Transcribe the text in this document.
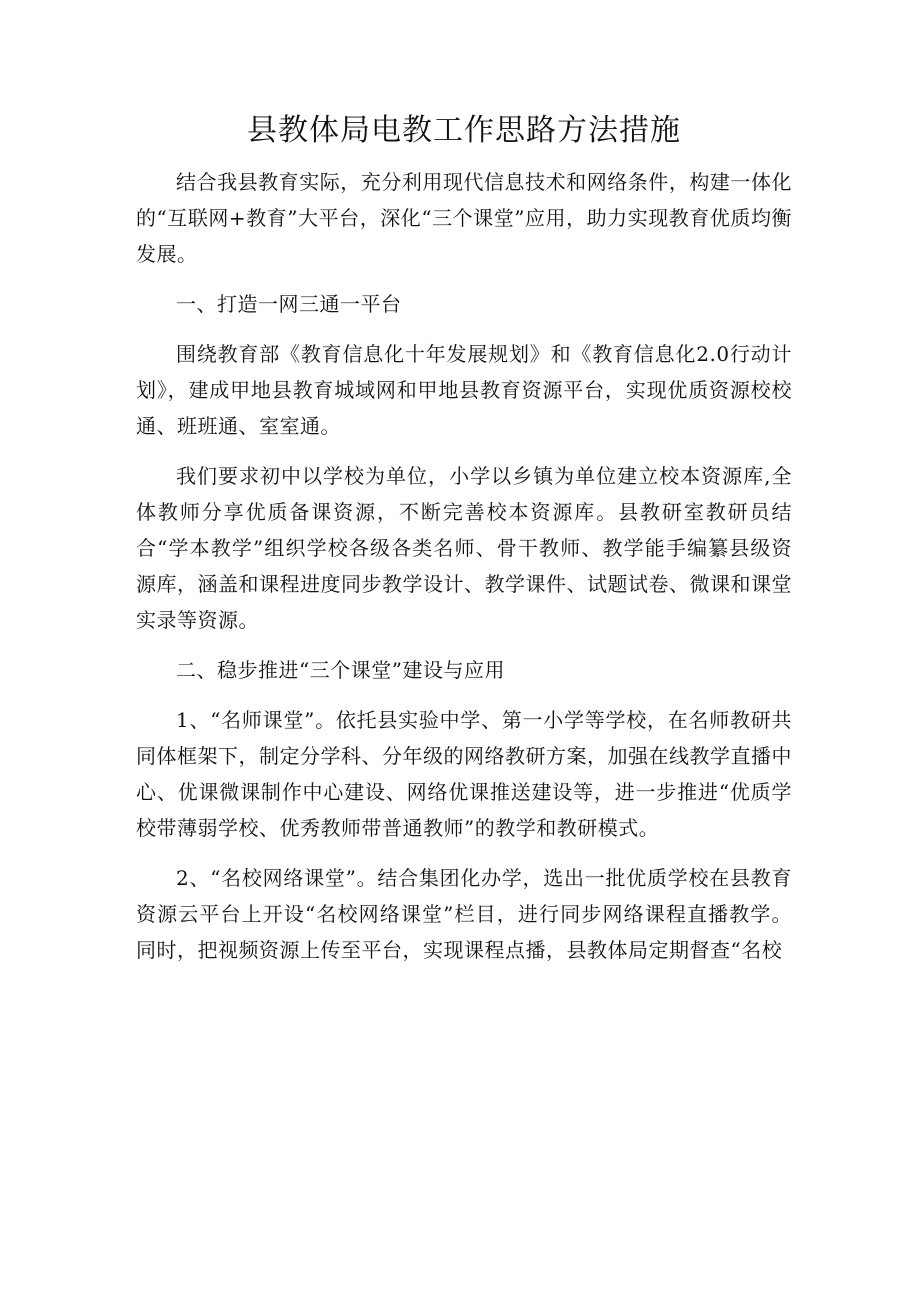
县教体局电教工作思路方法措施

结合我县教育实际，充分利用现代信息技术和网络条件，构建一体化的“互联网+教育”大平台，深化“三个课堂”应用，助力实现教育优质均衡发展。

一、打造一网三通一平台

围绕教育部《教育信息化十年发展规划》和《教育信息化2.0行动计划》，建成甲地县教育城域网和甲地县教育资源平台，实现优质资源校校通、班班通、室室通。

我们要求初中以学校为单位，小学以乡镇为单位建立校本资源库,全体教师分享优质备课资源，不断完善校本资源库。县教研室教研员结合“学本教学”组织学校各级各类名师、骨干教师、教学能手编纂县级资源库，涵盖和课程进度同步教学设计、教学课件、试题试卷、微课和课堂实录等资源。

二、稳步推进“三个课堂”建设与应用

1、“名师课堂”。依托县实验中学、第一小学等学校，在名师教研共同体框架下，制定分学科、分年级的网络教研方案，加强在线教学直播中心、优课微课制作中心建设、网络优课推送建设等，进一步推进“优质学校带薄弱学校、优秀教师带普通教师”的教学和教研模式。

2、“名校网络课堂”。结合集团化办学，选出一批优质学校在县教育资源云平台上开设“名校网络课堂”栏目，进行同步网络课程直播教学。同时，把视频资源上传至平台，实现课程点播，县教体局定期督查“名校
